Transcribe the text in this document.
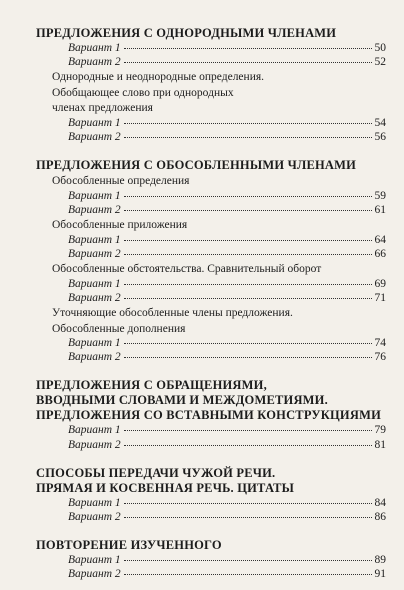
ПРЕДЛОЖЕНИЯ С ОДНОРОДНЫМИ ЧЛЕНАМИ
Вариант 1	50
Вариант 2	52
Однородные и неоднородные определения.
Обобщающее слово при однородных
членах предложения
Вариант 1	54
Вариант 2	56
ПРЕДЛОЖЕНИЯ С ОБОСОБЛЕННЫМИ ЧЛЕНАМИ
Обособленные определения
Вариант 1	59
Вариант 2	61
Обособленные приложения
Вариант 1	64
Вариант 2	66
Обособленные обстоятельства. Сравнительный оборот
Вариант 1	69
Вариант 2	71
Уточняющие обособленные члены предложения.
Обособленные дополнения
Вариант 1	74
Вариант 2	76
ПРЕДЛОЖЕНИЯ С ОБРАЩЕНИЯМИ,
ВВОДНЫМИ СЛОВАМИ И МЕЖДОМЕТИЯМИ.
ПРЕДЛОЖЕНИЯ СО ВСТАВНЫМИ КОНСТРУКЦИЯМИ
Вариант 1	79
Вариант 2	81
СПОСОБЫ ПЕРЕДАЧИ ЧУЖОЙ РЕЧИ.
ПРЯМАЯ И КОСВЕННАЯ РЕЧЬ. ЦИТАТЫ
Вариант 1	84
Вариант 2	86
ПОВТОРЕНИЕ ИЗУЧЕННОГО
Вариант 1	89
Вариант 2	91
